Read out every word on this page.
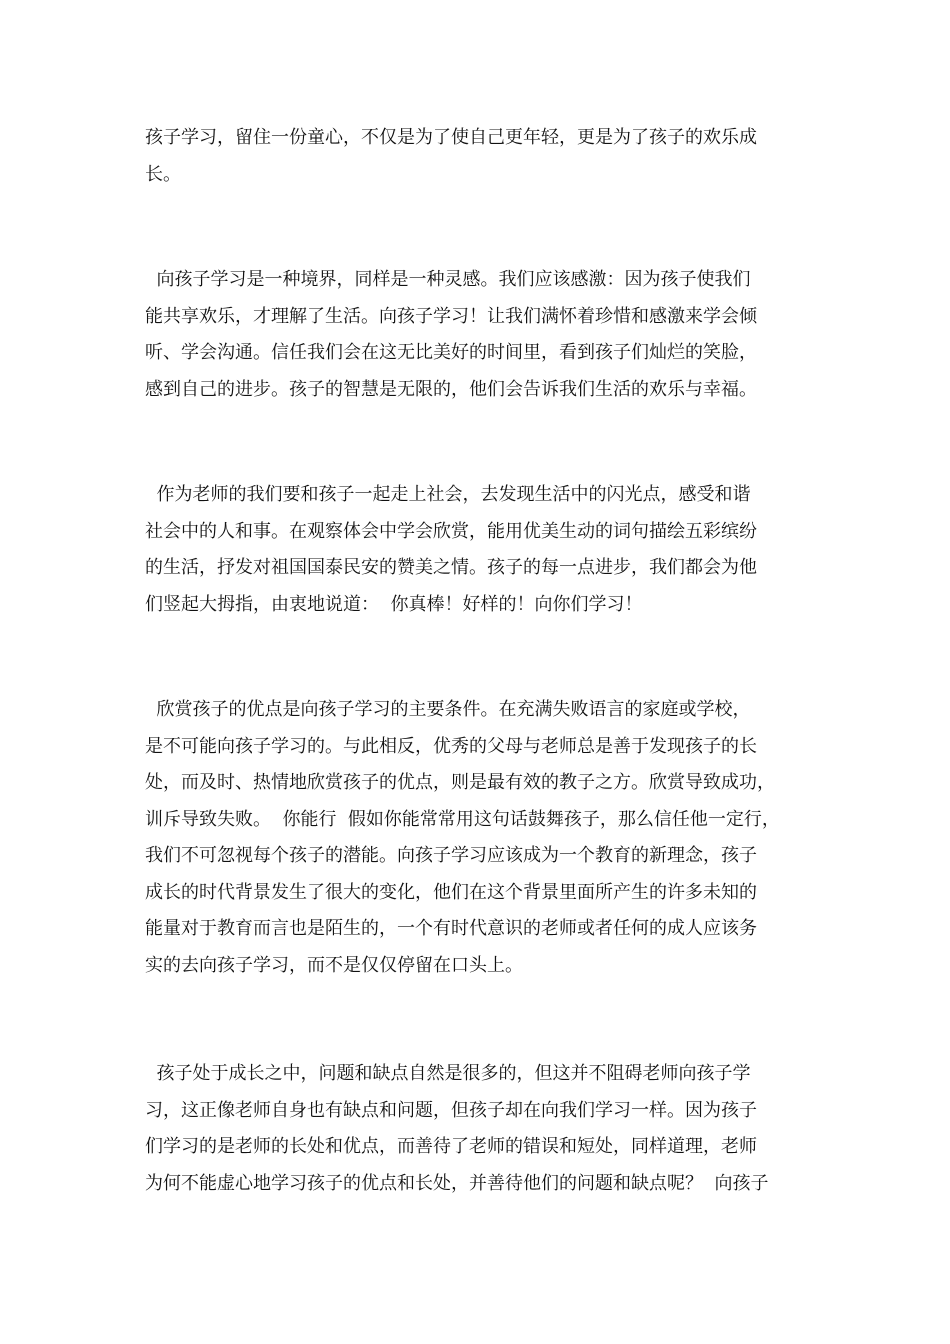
孩子学习，留住一份童心，不仅是为了使自己更年轻，更是为了孩子的欢乐成
长。

向孩子学习是一种境界，同样是一种灵感。我们应该感激：因为孩子使我们
能共享欢乐，才理解了生活。向孩子学习！让我们满怀着珍惜和感激来学会倾
听、学会沟通。信任我们会在这无比美好的时间里，看到孩子们灿烂的笑脸，
感到自己的进步。孩子的智慧是无限的，他们会告诉我们生活的欢乐与幸福。

作为老师的我们要和孩子一起走上社会，去发现生活中的闪光点，感受和谐
社会中的人和事。在观察体会中学会欣赏，能用优美生动的词句描绘五彩缤纷
的生活，抒发对祖国国泰民安的赞美之情。孩子的每一点进步，我们都会为他
们竖起大拇指，由衷地说道：  你真棒！好样的！向你们学习！

欣赏孩子的优点是向孩子学习的主要条件。在充满失败语言的家庭或学校，
是不可能向孩子学习的。与此相反，优秀的父母与老师总是善于发现孩子的长
处，而及时、热情地欣赏孩子的优点，则是最有效的教子之方。欣赏导致成功，
训斥导致失败。  你能行  假如你能常常用这句话鼓舞孩子，那么信任他一定行，
我们不可忽视每个孩子的潜能。向孩子学习应该成为一个教育的新理念，孩子
成长的时代背景发生了很大的变化，他们在这个背景里面所产生的许多未知的
能量对于教育而言也是陌生的，一个有时代意识的老师或者任何的成人应该务
实的去向孩子学习，而不是仅仅停留在口头上。

孩子处于成长之中，问题和缺点自然是很多的，但这并不阻碍老师向孩子学
习，这正像老师自身也有缺点和问题，但孩子却在向我们学习一样。因为孩子
们学习的是老师的长处和优点，而善待了老师的错误和短处，同样道理，老师
为何不能虚心地学习孩子的优点和长处，并善待他们的问题和缺点呢？  向孩子
